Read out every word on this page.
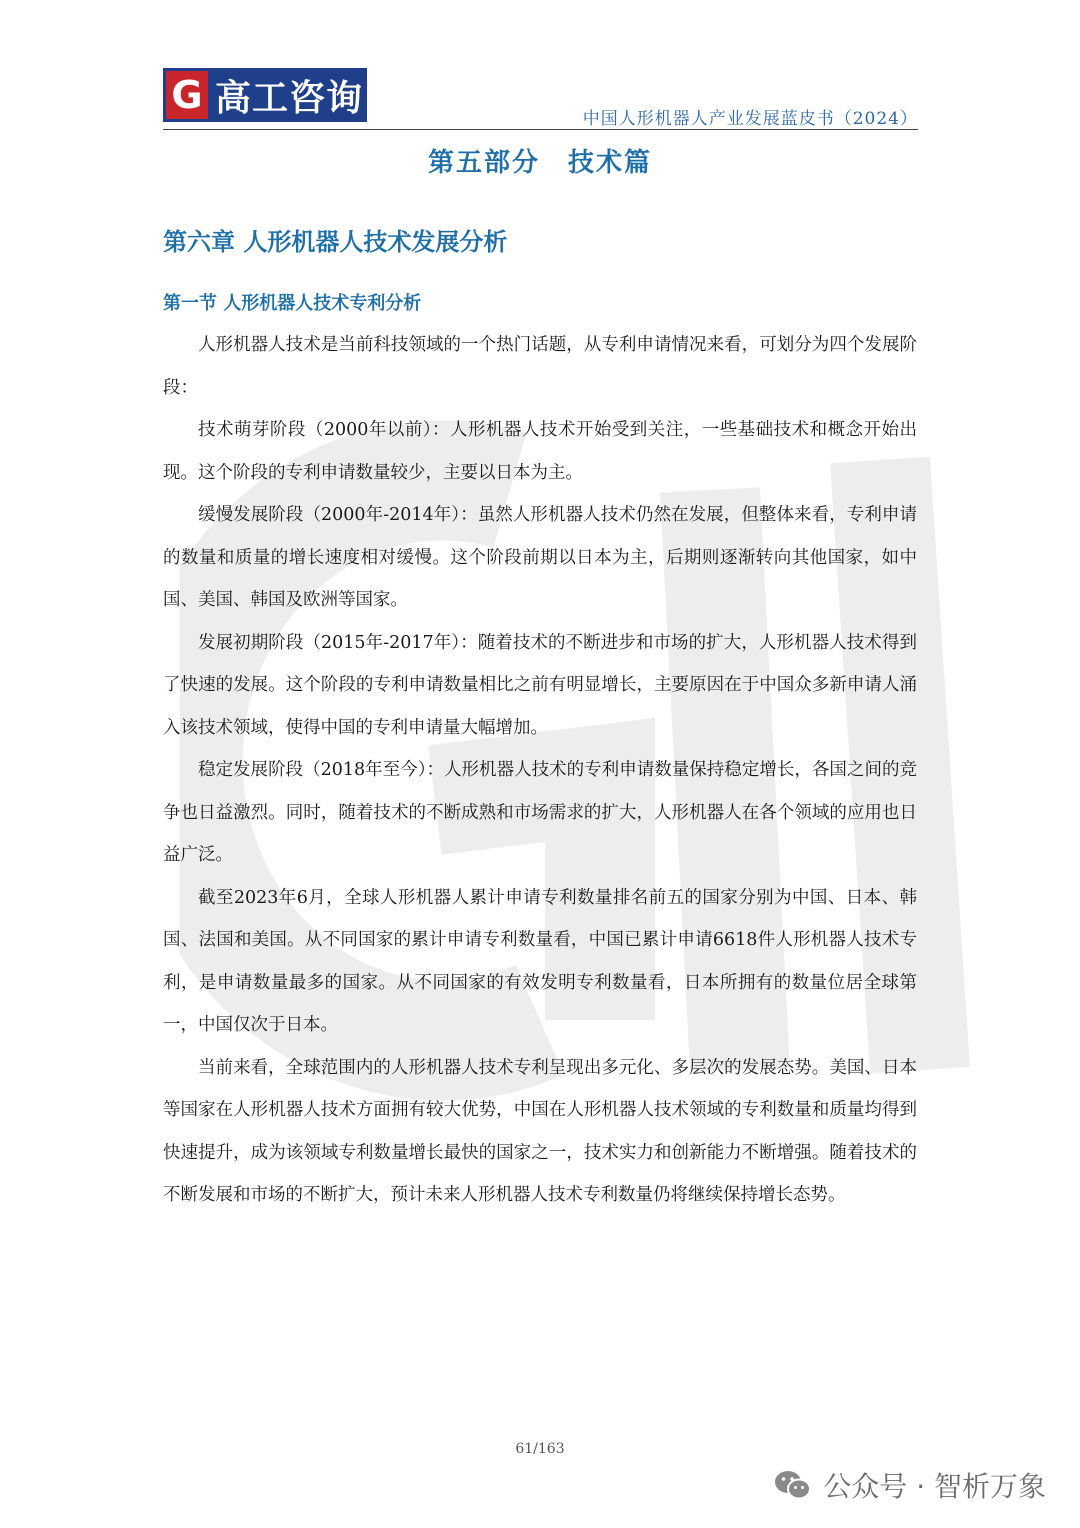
G 高工咨询
中国人形机器人产业发展蓝皮书（2024）
第五部分　技术篇
第六章 人形机器人技术发展分析
第一节 人形机器人技术专利分析

人形机器人技术是当前科技领域的一个热门话题，从专利申请情况来看，可划分为四个发展阶段：

技术萌芽阶段（2000年以前）：人形机器人技术开始受到关注，一些基础技术和概念开始出现。这个阶段的专利申请数量较少，主要以日本为主。

缓慢发展阶段（2000年-2014年）：虽然人形机器人技术仍然在发展，但整体来看，专利申请的数量和质量的增长速度相对缓慢。这个阶段前期以日本为主，后期则逐渐转向其他国家，如中国、美国、韩国及欧洲等国家。

发展初期阶段（2015年-2017年）：随着技术的不断进步和市场的扩大，人形机器人技术得到了快速的发展。这个阶段的专利申请数量相比之前有明显增长，主要原因在于中国众多新申请人涌入该技术领域，使得中国的专利申请量大幅增加。

稳定发展阶段（2018年至今）：人形机器人技术的专利申请数量保持稳定增长，各国之间的竞争也日益激烈。同时，随着技术的不断成熟和市场需求的扩大，人形机器人在各个领域的应用也日益广泛。

截至2023年6月，全球人形机器人累计申请专利数量排名前五的国家分别为中国、日本、韩国、法国和美国。从不同国家的累计申请专利数量看，中国已累计申请6618件人形机器人技术专利，是申请数量最多的国家。从不同国家的有效发明专利数量看，日本所拥有的数量位居全球第一，中国仅次于日本。

当前来看，全球范围内的人形机器人技术专利呈现出多元化、多层次的发展态势。美国、日本等国家在人形机器人技术方面拥有较大优势，中国在人形机器人技术领域的专利数量和质量均得到快速提升，成为该领域专利数量增长最快的国家之一，技术实力和创新能力不断增强。随着技术的不断发展和市场的不断扩大，预计未来人形机器人技术专利数量仍将继续保持增长态势。

61/163
公众号 · 智析万象
